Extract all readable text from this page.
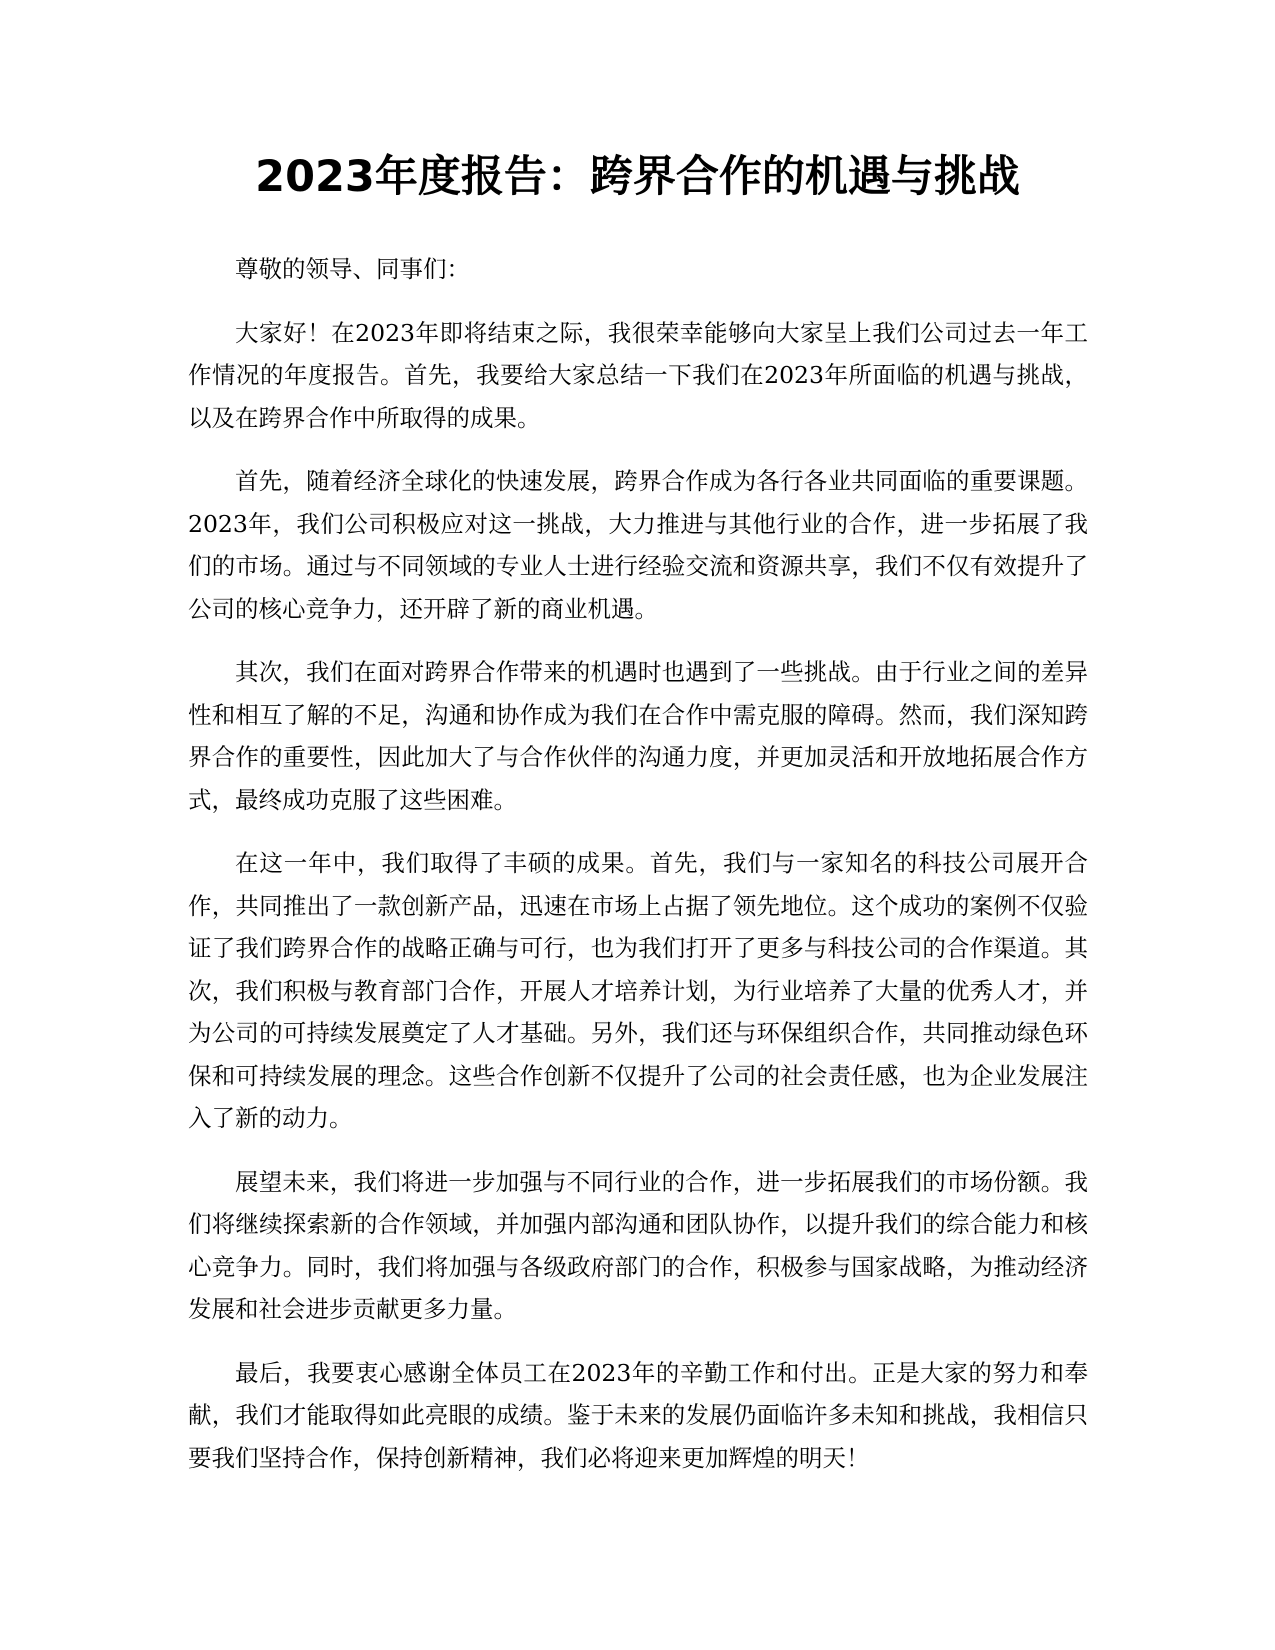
2023年度报告：跨界合作的机遇与挑战

尊敬的领导、同事们：

大家好！在2023年即将结束之际，我很荣幸能够向大家呈上我们公司过去一年工作情况的年度报告。首先，我要给大家总结一下我们在2023年所面临的机遇与挑战，以及在跨界合作中所取得的成果。

首先，随着经济全球化的快速发展，跨界合作成为各行各业共同面临的重要课题。2023年，我们公司积极应对这一挑战，大力推进与其他行业的合作，进一步拓展了我们的市场。通过与不同领域的专业人士进行经验交流和资源共享，我们不仅有效提升了公司的核心竞争力，还开辟了新的商业机遇。

其次，我们在面对跨界合作带来的机遇时也遇到了一些挑战。由于行业之间的差异性和相互了解的不足，沟通和协作成为我们在合作中需克服的障碍。然而，我们深知跨界合作的重要性，因此加大了与合作伙伴的沟通力度，并更加灵活和开放地拓展合作方式，最终成功克服了这些困难。

在这一年中，我们取得了丰硕的成果。首先，我们与一家知名的科技公司展开合作，共同推出了一款创新产品，迅速在市场上占据了领先地位。这个成功的案例不仅验证了我们跨界合作的战略正确与可行，也为我们打开了更多与科技公司的合作渠道。其次，我们积极与教育部门合作，开展人才培养计划，为行业培养了大量的优秀人才，并为公司的可持续发展奠定了人才基础。另外，我们还与环保组织合作，共同推动绿色环保和可持续发展的理念。这些合作创新不仅提升了公司的社会责任感，也为企业发展注入了新的动力。

展望未来，我们将进一步加强与不同行业的合作，进一步拓展我们的市场份额。我们将继续探索新的合作领域，并加强内部沟通和团队协作，以提升我们的综合能力和核心竞争力。同时，我们将加强与各级政府部门的合作，积极参与国家战略，为推动经济发展和社会进步贡献更多力量。

最后，我要衷心感谢全体员工在2023年的辛勤工作和付出。正是大家的努力和奉献，我们才能取得如此亮眼的成绩。鉴于未来的发展仍面临许多未知和挑战，我相信只要我们坚持合作，保持创新精神，我们必将迎来更加辉煌的明天！
